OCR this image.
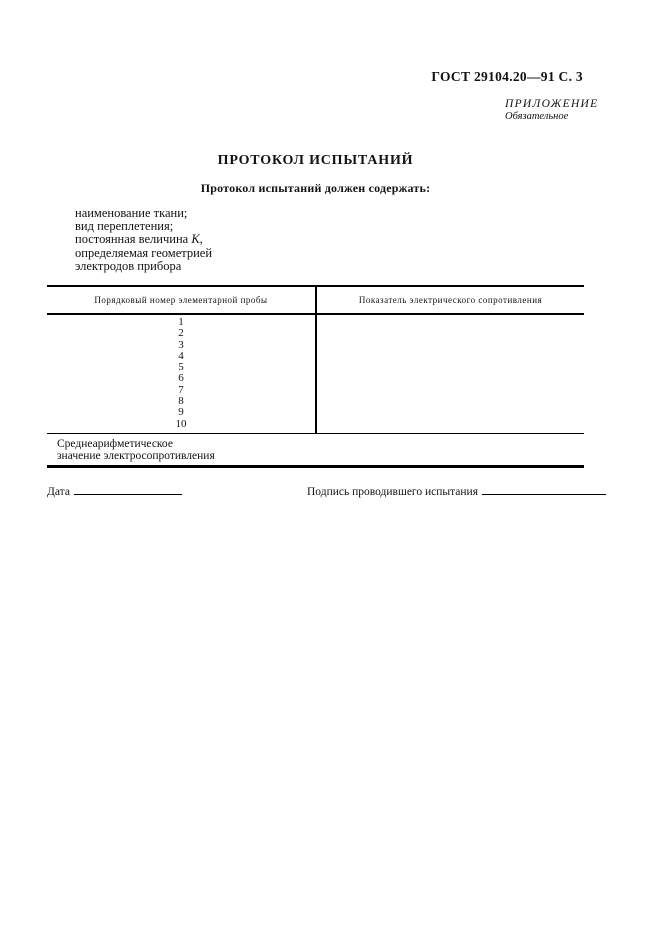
ГОСТ 29104.20—91 С. 3
ПРИЛОЖЕНИЕ
Обязательное
ПРОТОКОЛ ИСПЫТАНИЙ
Протокол испытаний должен содержать:
наименование ткани;
вид переплетения;
постоянная величина К,
определяемая геометрией
электродов прибора
Порядковый номер элементарной пробы	Показатель электрического сопротивления
1
2
3
4
5
6
7
8
9
10
Среднеарифметическое
значение электросопротивления
Дата	Подпись проводившего испытания
